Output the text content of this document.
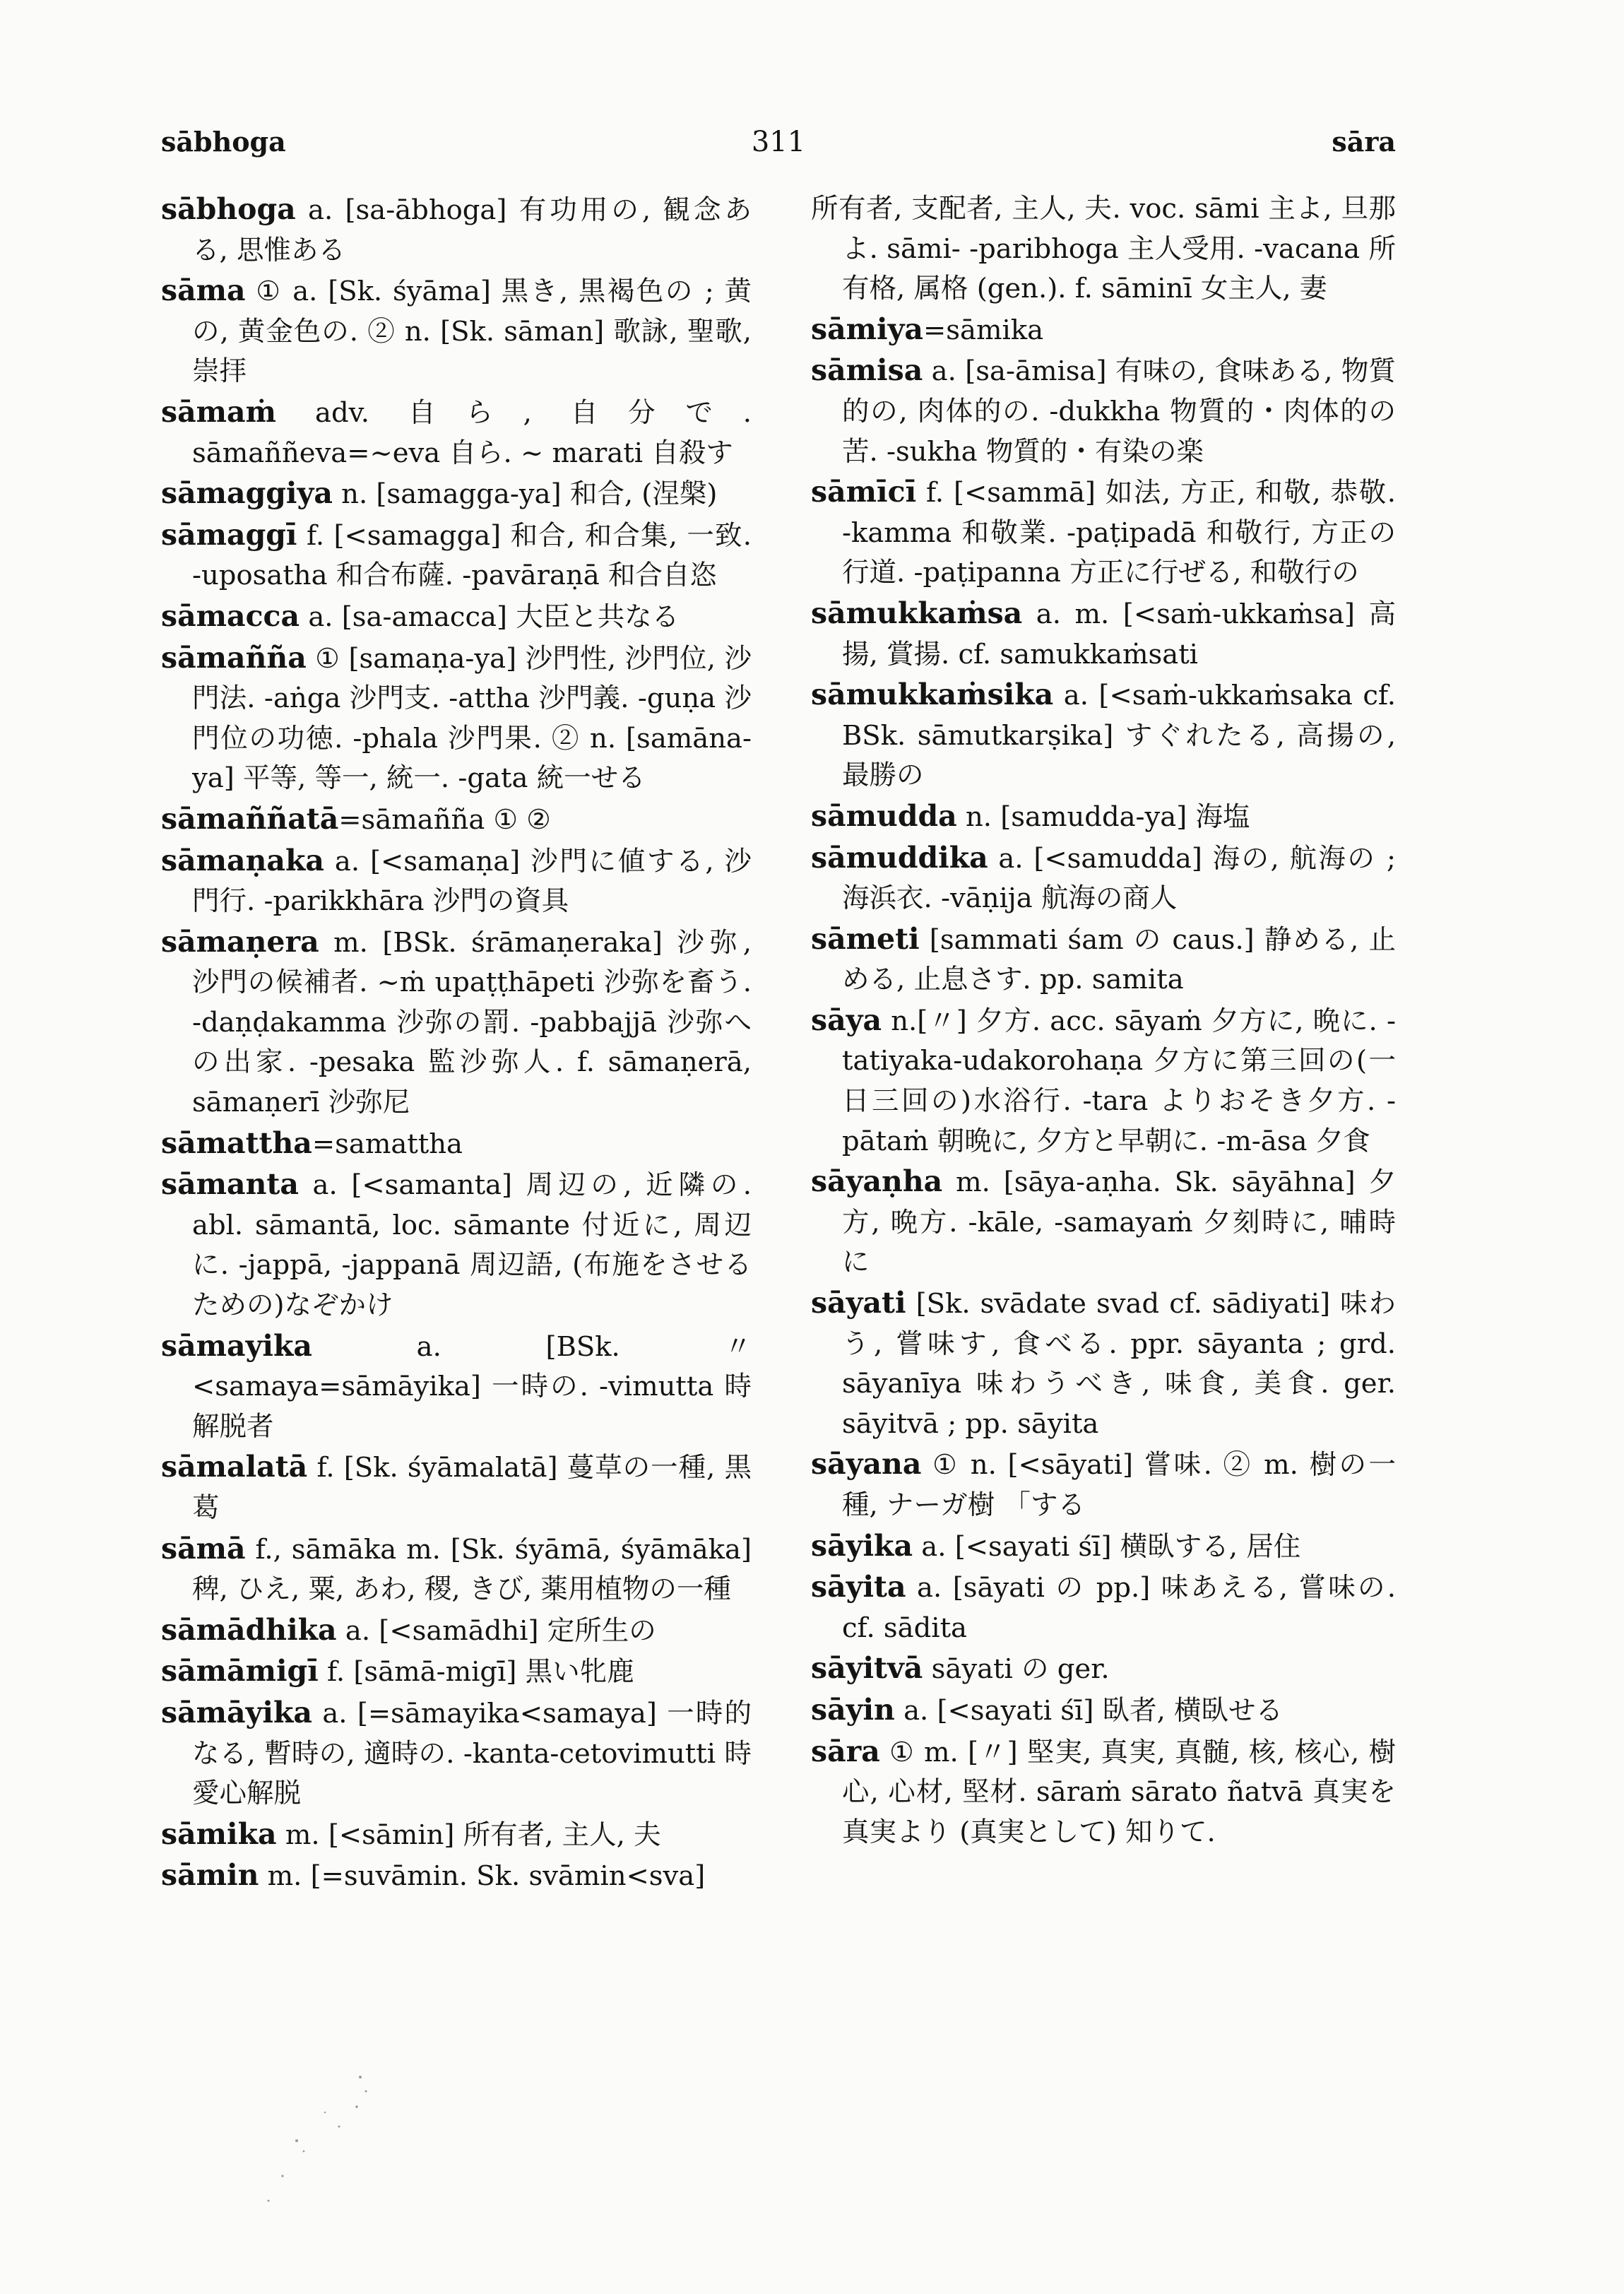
sābhoga	311	sāra

sābhoga a. [sa-ābhoga] 有功用の, 観念ある, 思惟ある

sāma ① a. [Sk. śyāma] 黒き, 黒褐色の ; 黄の, 黄金色の. ② n. [Sk. sāman] 歌詠, 聖歌, 崇拝

sāmaṁ adv. 自ら, 自分で. sāmaññeva=~eva 自ら. ~ marati 自殺す

sāmaggiya n. [samagga-ya] 和合, (涅槃)

sāmaggī f. [<samagga] 和合, 和合集, 一致. -uposatha 和合布薩. -pavāraṇā 和合自恣

sāmacca a. [sa-amacca] 大臣と共なる

sāmañña ① [samaṇa-ya] 沙門性, 沙門位, 沙門法. -aṅga 沙門支. -attha 沙門義. -guṇa 沙門位の功徳. -phala 沙門果. ② n. [samāna-ya] 平等, 等一, 統一. -gata 統一せる

sāmaññatā=sāmañña ① ②

sāmaṇaka a. [<samaṇa] 沙門に値する, 沙門行. -parikkhāra 沙門の資具

sāmaṇera m. [BSk. śrāmaṇeraka] 沙弥, 沙門の候補者. ~ṁ upaṭṭhāpeti 沙弥を畜う. -daṇḍakamma 沙弥の罰. -pabbajjā 沙弥への出家. -pesaka 監沙弥人. f. sāmaṇerā, sāmaṇerī 沙弥尼

sāmattha=samattha

sāmanta a. [<samanta] 周辺の, 近隣の. abl. sāmantā, loc. sāmante 付近に, 周辺に. -jappā, -jappanā 周辺語, (布施をさせるための)なぞかけ

sāmayika a. [BSk. 〃 <samaya=sāmāyika] 一時の. -vimutta 時解脱者

sāmalatā f. [Sk. śyāmalatā] 蔓草の一種, 黒葛

sāmā f., sāmāka m. [Sk. śyāmā, śyāmāka] 稗, ひえ, 粟, あわ, 稷, きび, 薬用植物の一種

sāmādhika a. [<samādhi] 定所生の

sāmāmigī f. [sāmā-migī] 黒い牝鹿

sāmāyika a. [=sāmayika<samaya] 一時的なる, 暫時の, 適時の. -kanta-cetovimutti 時愛心解脱

sāmika m. [<sāmin] 所有者, 主人, 夫

sāmin m. [=suvāmin. Sk. svāmin<sva]

所有者, 支配者, 主人, 夫. voc. sāmi 主よ, 旦那よ. sāmi- -paribhoga 主人受用. -vacana 所有格, 属格 (gen.). f. sāminī 女主人, 妻

sāmiya=sāmika

sāmisa a. [sa-āmisa] 有味の, 食味ある, 物質的の, 肉体的の. -dukkha 物質的・肉体的の苦. -sukha 物質的・有染の楽

sāmīcī f. [<sammā] 如法, 方正, 和敬, 恭敬. -kamma 和敬業. -paṭipadā 和敬行, 方正の行道. -paṭipanna 方正に行ぜる, 和敬行の

sāmukkaṁsa a. m. [<saṁ-ukkaṁsa] 高揚, 賞揚. cf. samukkaṁsati

sāmukkaṁsika a. [<saṁ-ukkaṁsaka cf. BSk. sāmutkarṣika] すぐれたる, 高揚の, 最勝の

sāmudda n. [samudda-ya] 海塩

sāmuddika a. [<samudda] 海の, 航海の ; 海浜衣. -vāṇija 航海の商人

sāmeti [sammati śam の caus.] 静める, 止める, 止息さす. pp. samita

sāya n.[〃] 夕方. acc. sāyaṁ 夕方に, 晩に. -tatiyaka-udakorohaṇa 夕方に第三回の(一日三回の)水浴行. -tara よりおそき夕方. -pātaṁ 朝晩に, 夕方と早朝に. -m-āsa 夕食

sāyaṇha m. [sāya-aṇha. Sk. sāyāhna] 夕方, 晩方. -kāle, -samayaṁ 夕刻時に, 晡時に

sāyati [Sk. svādate svad cf. sādiyati] 味わう, 嘗味す, 食べる. ppr. sāyanta ; grd. sāyanīya 味わうべき, 味食, 美食. ger. sāyitvā ; pp. sāyita

sāyana ① n. [<sāyati] 嘗味. ② m. 樹の一種, ナーガ樹 「する

sāyika a. [<sayati śī] 横臥する, 居住

sāyita a. [sāyati の pp.] 味あえる, 嘗味の. cf. sādita

sāyitvā sāyati の ger.

sāyin a. [<sayati śī] 臥者, 横臥せる

sāra ① m. [〃] 堅実, 真実, 真髄, 核, 核心, 樹心, 心材, 堅材. sāraṁ sārato ñatvā 真実を真実より (真実として) 知りて.
